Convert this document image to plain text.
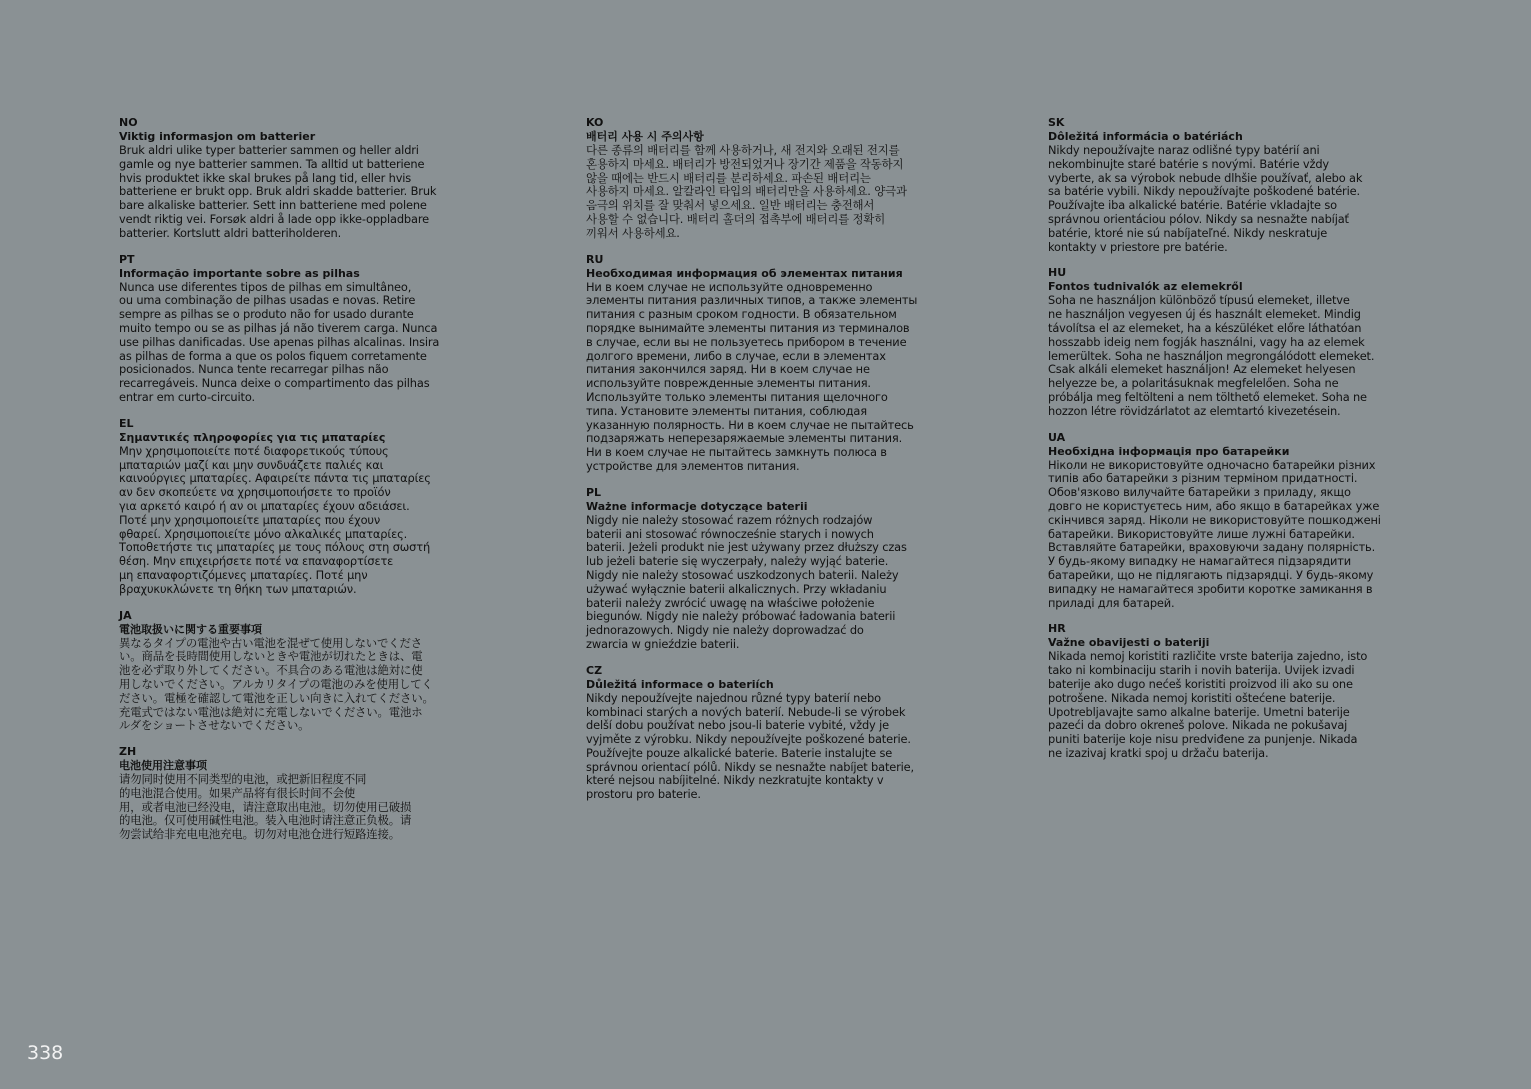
NO
Viktig informasjon om batterier
Bruk aldri ulike typer batterier sammen og heller aldri
gamle og nye batterier sammen. Ta alltid ut batteriene
hvis produktet ikke skal brukes på lang tid, eller hvis
batteriene er brukt opp. Bruk aldri skadde batterier. Bruk
bare alkaliske batterier. Sett inn batteriene med polene
vendt riktig vei. Forsøk aldri å lade opp ikke-oppladbare
batterier. Kortslutt aldri batteriholderen.
PT
Informação importante sobre as pilhas
Nunca use diferentes tipos de pilhas em simultâneo,
ou uma combinação de pilhas usadas e novas. Retire
sempre as pilhas se o produto não for usado durante
muito tempo ou se as pilhas já não tiverem carga. Nunca
use pilhas danificadas. Use apenas pilhas alcalinas. Insira
as pilhas de forma a que os polos fiquem corretamente
posicionados. Nunca tente recarregar pilhas não
recarregáveis. Nunca deixe o compartimento das pilhas
entrar em curto-circuito.
EL
Σημαντικές πληροφορίες για τις μπαταρίες
Μην χρησιμοποιείτε ποτέ διαφορετικούς τύπους
μπαταριών μαζί και μην συνδυάζετε παλιές και
καινούργιες μπαταρίες. Αφαιρείτε πάντα τις μπαταρίες
αν δεν σκοπεύετε να χρησιμοποιήσετε το προϊόν
για αρκετό καιρό ή αν οι μπαταρίες έχουν αδειάσει.
Ποτέ μην χρησιμοποιείτε μπαταρίες που έχουν
φθαρεί. Χρησιμοποιείτε μόνο αλκαλικές μπαταρίες.
Τοποθετήστε τις μπαταρίες με τους πόλους στη σωστή
θέση. Μην επιχειρήσετε ποτέ να επαναφορτίσετε
μη επαναφορτιζόμενες μπαταρίες. Ποτέ μην
βραχυκυκλώνετε τη θήκη των μπαταριών.
JA
電池取扱いに関する重要事項
異なるタイプの電池や古い電池を混ぜて使用しないでくださ
い。商品を長時間使用しないときや電池が切れたときは、電
池を必ず取り外してください。不具合のある電池は絶対に使
用しないでください。アルカリタイプの電池のみを使用してく
ださい。電極を確認して電池を正しい向きに入れてください。
充電式ではない電池は絶対に充電しないでください。電池ホ
ルダをショートさせないでください。
ZH
电池使用注意事项
请勿同时使用不同类型的电池，或把新旧程度不同
的电池混合使用。如果产品将有很长时间不会使
用，或者电池已经没电，请注意取出电池。切勿使用已破损
的电池。仅可使用碱性电池。装入电池时请注意正负极。请
勿尝试给非充电电池充电。切勿对电池仓进行短路连接。
KO
배터리 사용 시 주의사항
다른 종류의 배터리를 함께 사용하거나, 새 전지와 오래된 전지를
혼용하지 마세요. 배터리가 방전되었거나 장기간 제품을 작동하지
않을 때에는 반드시 배터리를 분리하세요. 파손된 배터리는
사용하지 마세요. 알칼라인 타입의 배터리만을 사용하세요. 양극과
음극의 위치를 잘 맞춰서 넣으세요. 일반 배터리는 충전해서
사용할 수 없습니다. 배터리 홀더의 접촉부에 배터리를 정확히
끼워서 사용하세요.
RU
Необходимая информация об элементах питания
Ни в коем случае не используйте одновременно
элементы питания различных типов, а также элементы
питания с разным сроком годности. В обязательном
порядке вынимайте элементы питания из терминалов
в случае, если вы не пользуетесь прибором в течение
долгого времени, либо в случае, если в элементах
питания закончился заряд. Ни в коем случае не
используйте поврежденные элементы питания.
Используйте только элементы питания щелочного
типа. Установите элементы питания, соблюдая
указанную полярность. Ни в коем случае не пытайтесь
подзаряжать неперезаряжаемые элементы питания.
Ни в коем случае не пытайтесь замкнуть полюса в
устройстве для элементов питания.
PL
Ważne informacje dotyczące baterii
Nigdy nie należy stosować razem różnych rodzajów
baterii ani stosować równocześnie starych i nowych
baterii. Jeżeli produkt nie jest używany przez dłuższy czas
lub jeżeli baterie się wyczerpały, należy wyjąć baterie.
Nigdy nie należy stosować uszkodzonych baterii. Należy
używać wyłącznie baterii alkalicznych. Przy wkładaniu
baterii należy zwrócić uwagę na właściwe położenie
biegunów. Nigdy nie należy próbować ładowania baterii
jednorazowych. Nigdy nie należy doprowadzać do
zwarcia w gnieździe baterii.
CZ
Důležitá informace o bateriích
Nikdy nepoužívejte najednou různé typy baterií nebo
kombinaci starých a nových baterií. Nebude-li se výrobek
delší dobu používat nebo jsou-li baterie vybité, vždy je
vyjměte z výrobku. Nikdy nepoužívejte poškozené baterie.
Používejte pouze alkalické baterie. Baterie instalujte se
správnou orientací pólů. Nikdy se nesnažte nabíjet baterie,
které nejsou nabíjitelné. Nikdy nezkratujte kontakty v
prostoru pro baterie.
SK
Dôležitá informácia o batériách
Nikdy nepoužívajte naraz odlišné typy batérií ani
nekombinujte staré batérie s novými. Batérie vždy
vyberte, ak sa výrobok nebude dlhšie používať, alebo ak
sa batérie vybili. Nikdy nepoužívajte poškodené batérie.
Používajte iba alkalické batérie. Batérie vkladajte so
správnou orientáciou pólov. Nikdy sa nesnažte nabíjať
batérie, ktoré nie sú nabíjateľné. Nikdy neskratuje
kontakty v priestore pre batérie.
HU
Fontos tudnivalók az elemekről
Soha ne használjon különböző típusú elemeket, illetve
ne használjon vegyesen új és használt elemeket. Mindig
távolítsa el az elemeket, ha a készüléket előre láthatóan
hosszabb ideig nem fogják használni, vagy ha az elemek
lemerültek. Soha ne használjon megrongálódott elemeket.
Csak alkáli elemeket használjon! Az elemeket helyesen
helyezze be, a polaritásuknak megfelelően. Soha ne
próbálja meg feltölteni a nem tölthető elemeket. Soha ne
hozzon létre rövidzárlatot az elemtartó kivezetésein.
UA
Необхідна інформація про батарейки
Ніколи не використовуйте одночасно батарейки різних
типів або батарейки з різним терміном придатності.
Обов'язково вилучайте батарейки з приладу, якщо
довго не користуєтесь ним, або якщо в батарейках уже
скінчився заряд. Ніколи не використовуйте пошкоджені
батарейки. Використовуйте лише лужні батарейки.
Вставляйте батарейки, враховуючи задану полярність.
У будь-якому випадку не намагайтеся підзарядити
батарейки, що не підлягають підзарядці. У будь-якому
випадку не намагайтеся зробити коротке замикання в
приладі для батарей.
HR
Važne obavijesti o bateriji
Nikada nemoj koristiti različite vrste baterija zajedno, isto
tako ni kombinaciju starih i novih baterija. Uvijek izvadi
baterije ako dugo nećeš koristiti proizvod ili ako su one
potrošene. Nikada nemoj koristiti oštećene baterije.
Upotrebljavajte samo alkalne baterije. Umetni baterije
pazeći da dobro okreneš polove. Nikada ne pokušavaj
puniti baterije koje nisu predviđene za punjenje. Nikada
ne izazivaj kratki spoj u držaču baterija.
338
